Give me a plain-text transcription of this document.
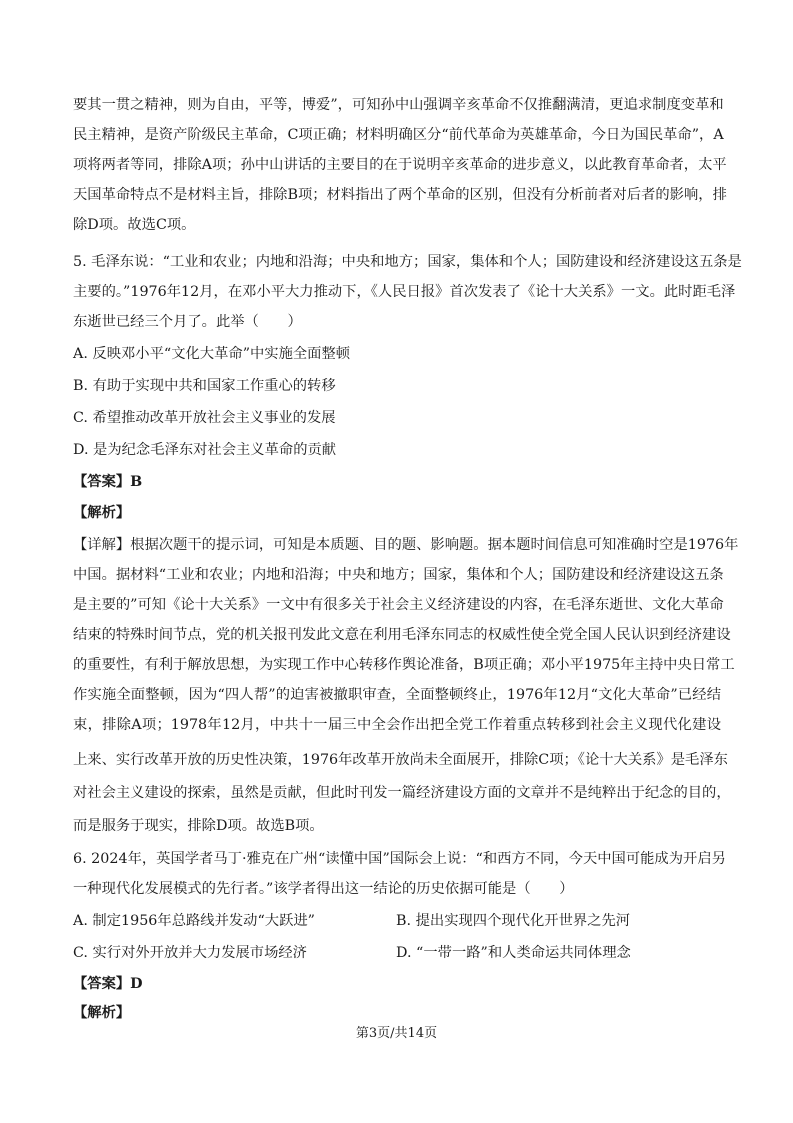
要其一贯之精神，则为自由，平等，博爱”，可知孙中山强调辛亥革命不仅推翻满清，更追求制度变革和
民主精神，是资产阶级民主革命，C项正确；材料明确区分“前代革命为英雄革命，今日为国民革命”，A
项将两者等同，排除A项；孙中山讲话的主要目的在于说明辛亥革命的进步意义，以此教育革命者，太平
天国革命特点不是材料主旨，排除B项；材料指出了两个革命的区别，但没有分析前者对后者的影响，排
除D项。故选C项。
5. 毛泽东说：“工业和农业；内地和沿海；中央和地方；国家，集体和个人；国防建设和经济建设这五条是
主要的。”1976年12月，在邓小平大力推动下，《人民日报》首次发表了《论十大关系》一文。此时距毛泽
东逝世已经三个月了。此举（　　）
A. 反映邓小平“文化大革命”中实施全面整顿
B. 有助于实现中共和国家工作重心的转移
C. 希望推动改革开放社会主义事业的发展
D. 是为纪念毛泽东对社会主义革命的贡献
【答案】B
【解析】
【详解】根据次题干的提示词，可知是本质题、目的题、影响题。据本题时间信息可知准确时空是1976年
中国。据材料“工业和农业；内地和沿海；中央和地方；国家，集体和个人；国防建设和经济建设这五条
是主要的”可知《论十大关系》一文中有很多关于社会主义经济建设的内容，在毛泽东逝世、文化大革命
结束的特殊时间节点，党的机关报刊发此文意在利用毛泽东同志的权威性使全党全国人民认识到经济建设
的重要性，有利于解放思想，为实现工作中心转移作舆论准备，B项正确；邓小平1975年主持中央日常工
作实施全面整顿，因为“四人帮”的迫害被撤职审查，全面整顿终止，1976年12月“文化大革命”已经结
束，排除A项；1978年12月，中共十一届三中全会作出把全党工作着重点转移到社会主义现代化建设
上来、实行改革开放的历史性决策，1976年改革开放尚未全面展开，排除C项；《论十大关系》是毛泽东
对社会主义建设的探索，虽然是贡献，但此时刊发一篇经济建设方面的文章并不是纯粹出于纪念的目的，
而是服务于现实，排除D项。故选B项。
6. 2024年，英国学者马丁·雅克在广州“读懂中国”国际会上说：“和西方不同，今天中国可能成为开启另
一种现代化发展模式的先行者。”该学者得出这一结论的历史依据可能是（　　）
A. 制定1956年总路线并发动“大跃进”	B. 提出实现四个现代化开世界之先河
C. 实行对外开放并大力发展市场经济	D. “一带一路”和人类命运共同体理念
【答案】D
【解析】
第3页/共14页
